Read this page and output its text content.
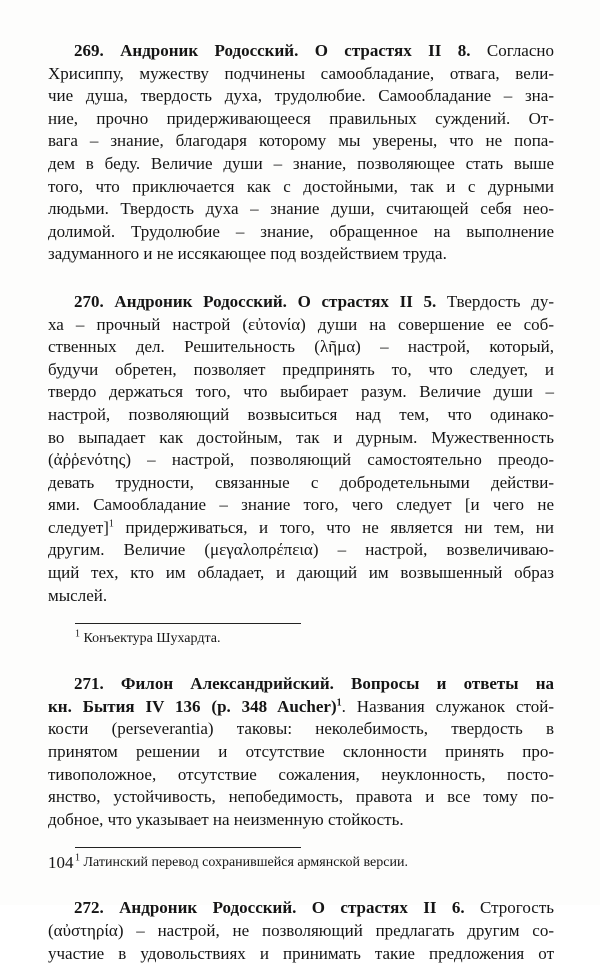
269. Андроник Родосский. О страстях II 8. Согласно
Хрисиппу, мужеству подчинены самообладание, отвага, вели-
чие душа, твердость духа, трудолюбие. Самообладание – зна-
ние, прочно придерживающееся правильных суждений. От-
вага – знание, благодаря которому мы уверены, что не попа-
дем в беду. Величие души – знание, позволяющее стать выше
того, что приключается как с достойными, так и с дурными
людьми. Твердость духа – знание души, считающей себя нео-
долимой. Трудолюбие – знание, обращенное на выполнение
задуманного и не иссякающее под воздействием труда.
270. Андроник Родосский. О страстях II 5. Твердость ду-
ха – прочный настрой (εὐτονία) души на совершение ее соб-
ственных дел. Решительность (λῆμα) – настрой, который,
будучи обретен, позволяет предпринять то, что следует, и
твердо держаться того, что выбирает разум. Величие души –
настрой, позволяющий возвыситься над тем, что одинако-
во выпадает как достойным, так и дурным. Мужественность
(ἀῤῥενότης) – настрой, позволяющий самостоятельно преодо-
девать трудности, связанные с добродетельными действи-
ями. Самообладание – знание того, чего следует [и чего не
следует]$^1$ придерживаться, и того, что не является ни тем, ни
другим. Величие (μεγαλοπρέπεια) – настрой, возвеличиваю-
щий тех, кто им обладает, и дающий им возвышенный образ
мыслей.
$^1$ Конъектура Шухардта.
271. Филон Александрийский. Вопросы и ответы на
кн. Бытия IV 136 (p. 348 Aucher)$^1$. Названия служанок стой-
кости (perseverantia) таковы: неколебимость, твердость в
принятом решении и отсутствие склонности принять про-
тивоположное, отсутствие сожаления, неуклонность, посто-
янство, устойчивость, непобедимость, правота и все тому по-
добное, что указывает на неизменную стойкость.
$^1$ Латинский перевод сохранившейся армянской версии.
272. Андроник Родосский. О страстях II 6. Строгость
(αὐστηρία) – настрой, не позволяющий предлагать другим со-
участие в удовольствиях и принимать такие предложения от
104
